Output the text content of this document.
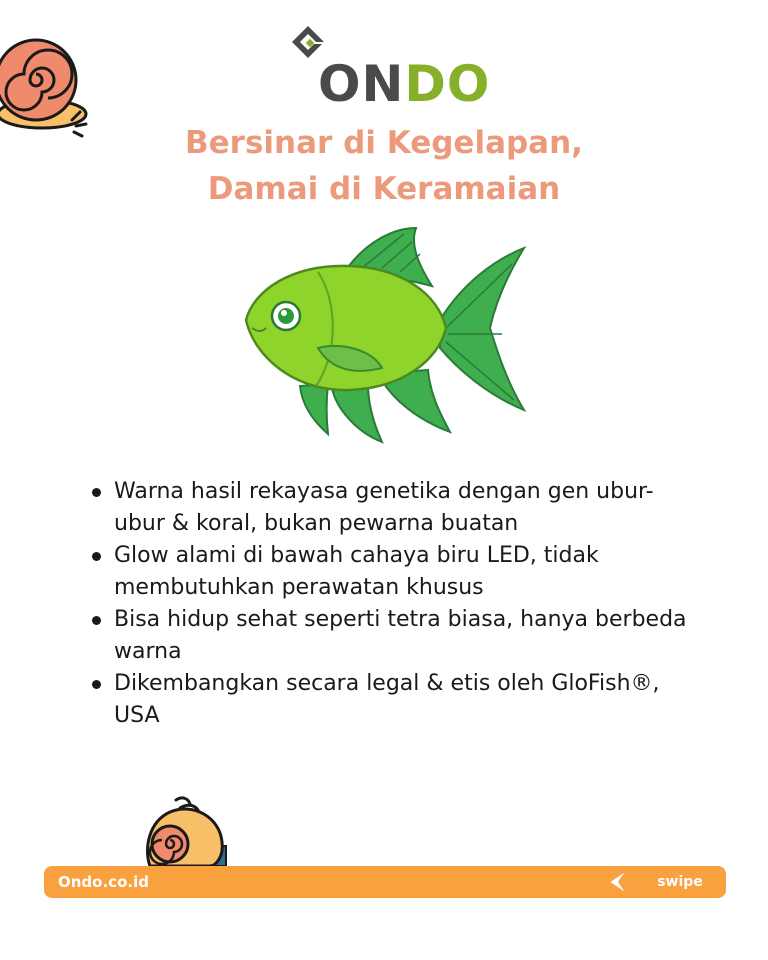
ONDO
Bersinar di Kegelapan,
Damai di Keramaian
Warna hasil rekayasa genetika dengan gen ubur-ubur & koral, bukan pewarna buatan
Glow alami di bawah cahaya biru LED, tidak membutuhkan perawatan khusus
Bisa hidup sehat seperti tetra biasa, hanya berbeda warna
Dikembangkan secara legal & etis oleh GloFish®, USA
Ondo.co.id	swipe
